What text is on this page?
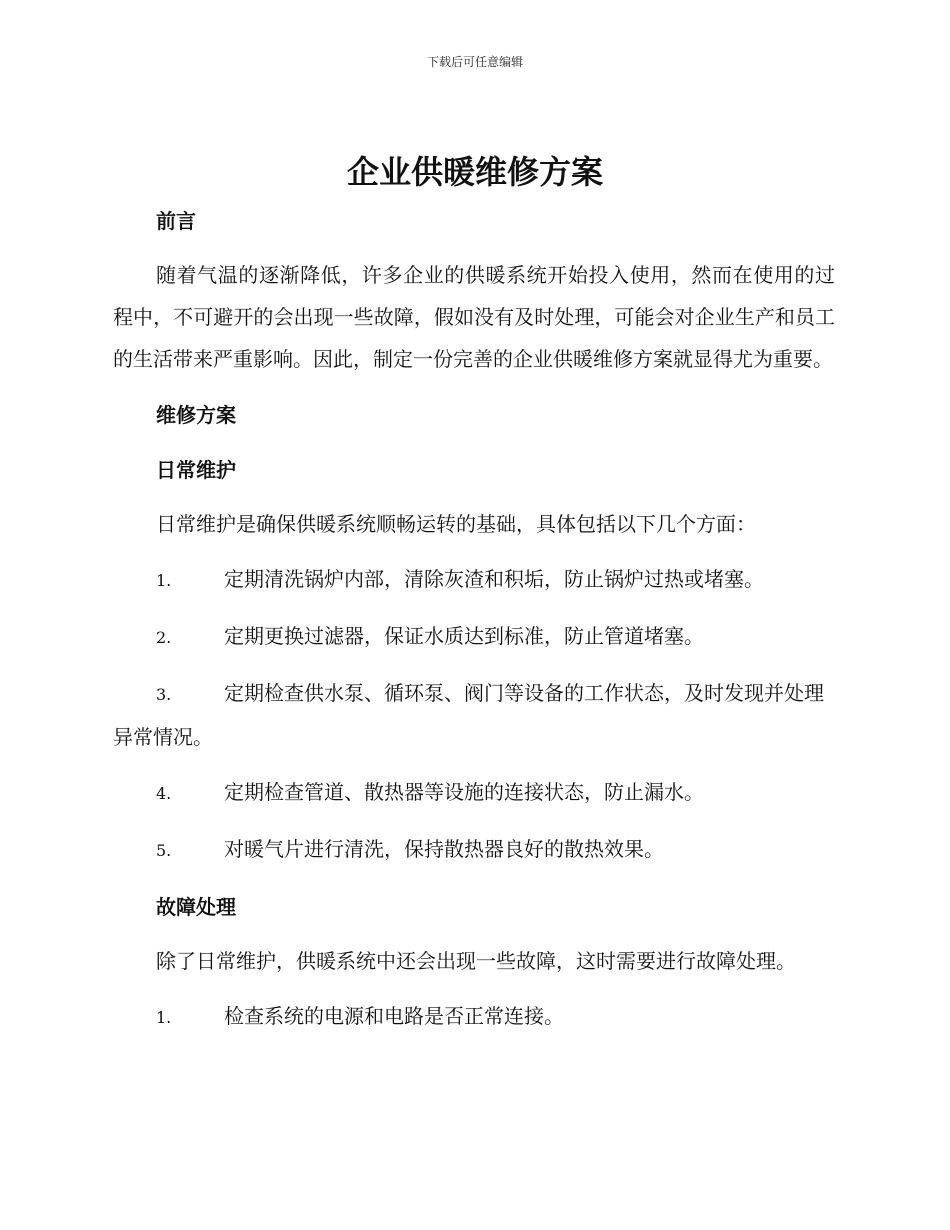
下载后可任意编辑
企业供暖维修方案
前言

随着气温的逐渐降低，许多企业的供暖系统开始投入使用，然而在使用的过程中，不可避开的会出现一些故障，假如没有及时处理，可能会对企业生产和员工的生活带来严重影响。因此，制定一份完善的企业供暖维修方案就显得尤为重要。

维修方案
日常维护

日常维护是确保供暖系统顺畅运转的基础，具体包括以下几个方面：

1.	定期清洗锅炉内部，清除灰渣和积垢，防止锅炉过热或堵塞。
2.	定期更换过滤器，保证水质达到标准，防止管道堵塞。
3.	定期检查供水泵、循环泵、阀门等设备的工作状态，及时发现并处理异常情况。
4.	定期检查管道、散热器等设施的连接状态，防止漏水。
5.	对暖气片进行清洗，保持散热器良好的散热效果。
故障处理

除了日常维护，供暖系统中还会出现一些故障，这时需要进行故障处理。

1.	检查系统的电源和电路是否正常连接。
